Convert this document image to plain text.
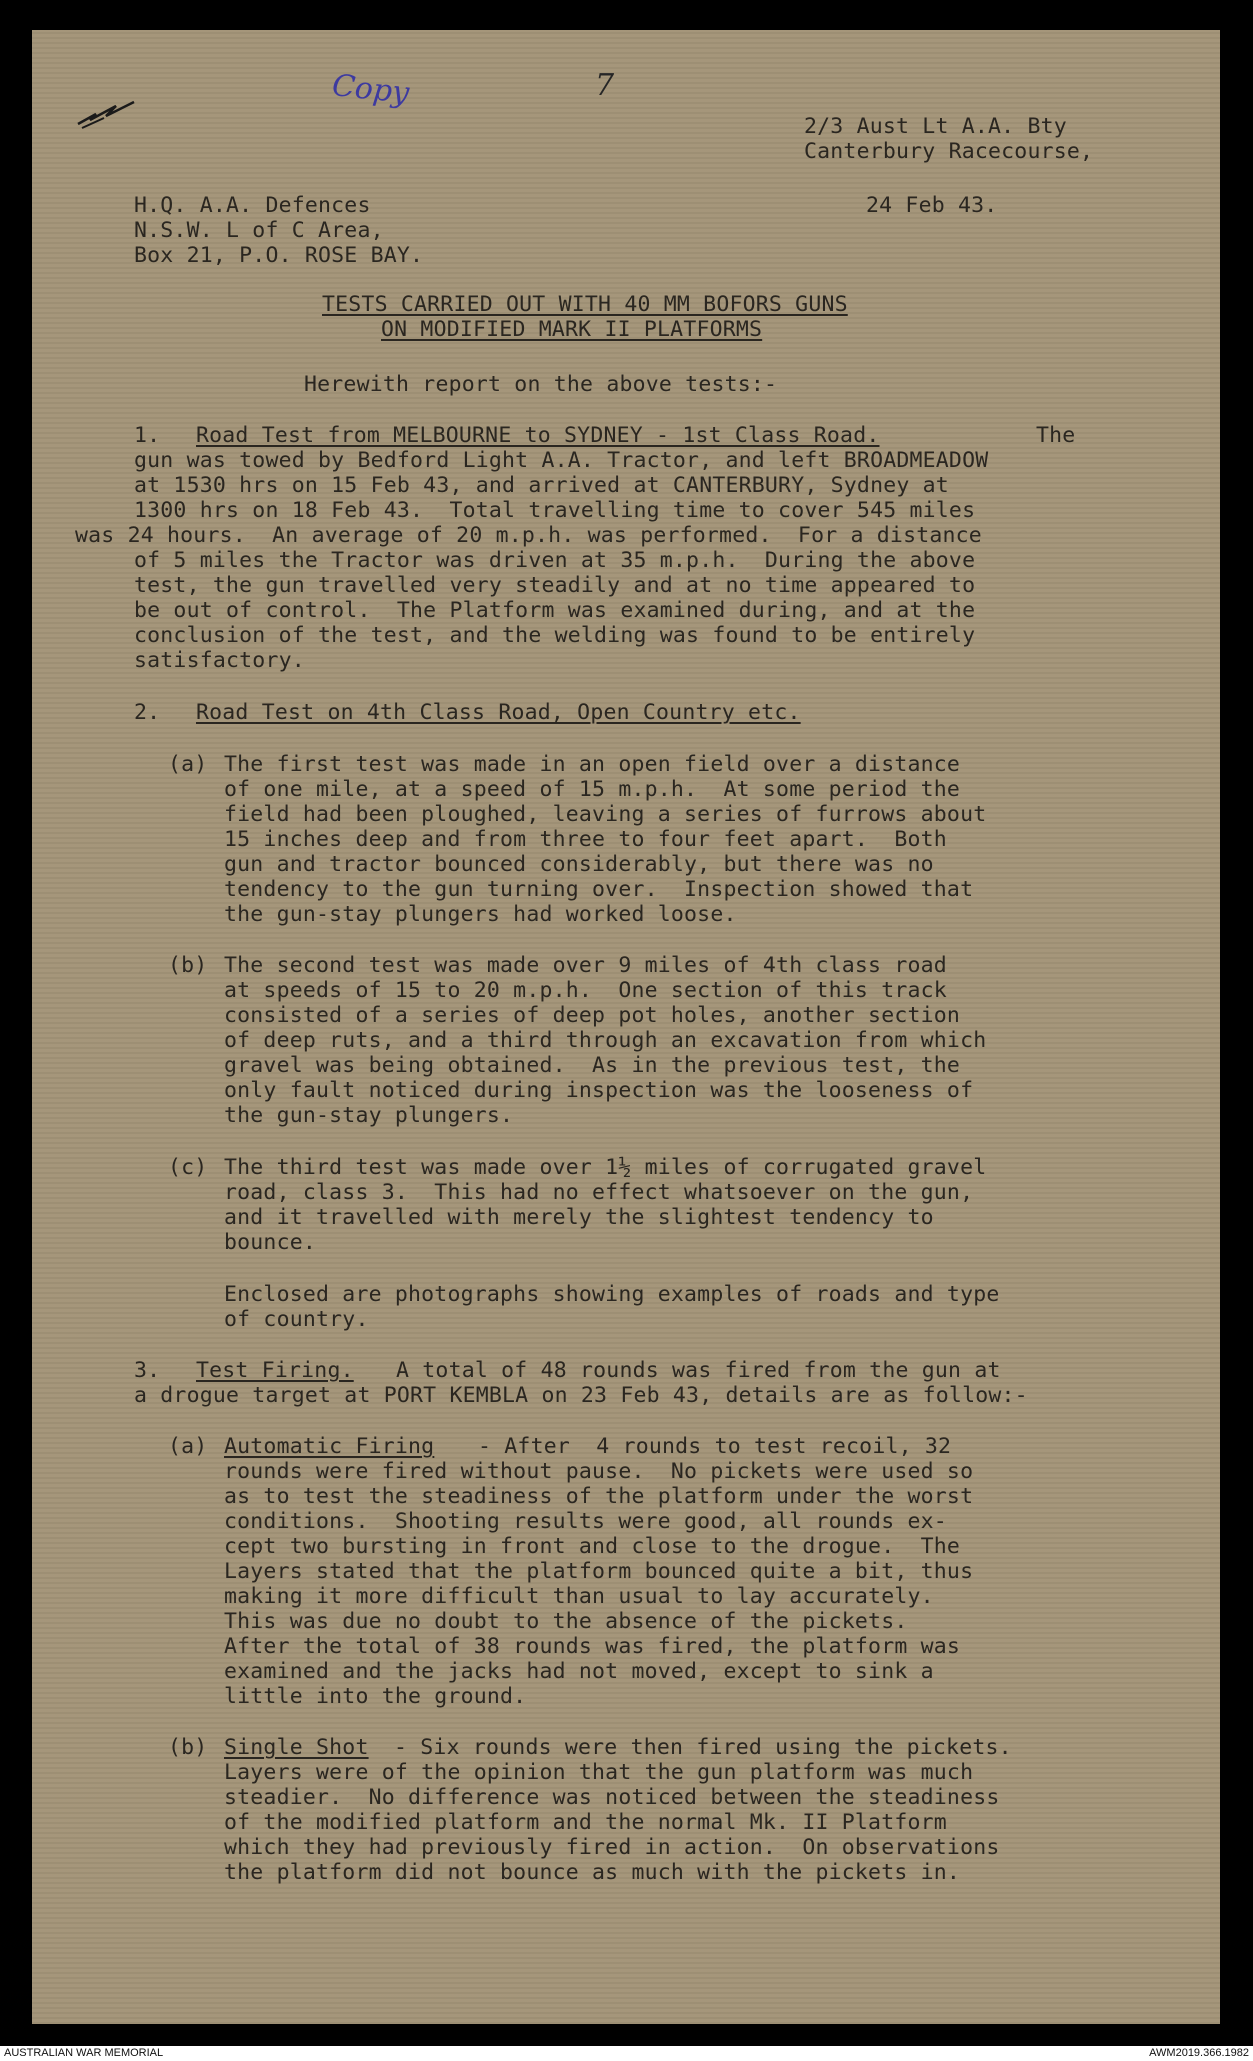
Copy	7
2/3 Aust Lt A.A. Bty
Canterbury Racecourse,
H.Q. A.A. Defences
N.S.W. L of C Area,
Box 21, P.O. ROSE BAY.
24 Feb 43.
TESTS CARRIED OUT WITH 40 MM BOFORS GUNS
ON MODIFIED MARK II PLATFORMS
Herewith report on the above tests:-
1. Road Test from MELBOURNE to SYDNEY - 1st Class Road.	The
gun was towed by Bedford Light A.A. Tractor, and left BROADMEADOW
at 1530 hrs on 15 Feb 43, and arrived at CANTERBURY, Sydney at
1300 hrs on 18 Feb 43.  Total travelling time to cover 545 miles
was 24 hours.  An average of 20 m.p.h. was performed.  For a distance
of 5 miles the Tractor was driven at 35 m.p.h.  During the above
test, the gun travelled very steadily and at no time appeared to
be out of control.  The Platform was examined during, and at the
conclusion of the test, and the welding was found to be entirely
satisfactory.
2. Road Test on 4th Class Road, Open Country etc.
(a) The first test was made in an open field over a distance
of one mile, at a speed of 15 m.p.h.  At some period the
field had been ploughed, leaving a series of furrows about
15 inches deep and from three to four feet apart.  Both
gun and tractor bounced considerably, but there was no
tendency to the gun turning over.  Inspection showed that
the gun-stay plungers had worked loose.
(b) The second test was made over 9 miles of 4th class road
at speeds of 15 to 20 m.p.h.  One section of this track
consisted of a series of deep pot holes, another section
of deep ruts, and a third through an excavation from which
gravel was being obtained.  As in the previous test, the
only fault noticed during inspection was the looseness of
the gun-stay plungers.
(c) The third test was made over 1½ miles of corrugated gravel
road, class 3.  This had no effect whatsoever on the gun,
and it travelled with merely the slightest tendency to
bounce.
Enclosed are photographs showing examples of roads and type
of country.
3. Test Firing. A total of 48 rounds was fired from the gun at
a drogue target at PORT KEMBLA on 23 Feb 43, details are as follow:-
(a) Automatic Firing - After  4 rounds to test recoil, 32
rounds were fired without pause.  No pickets were used so
as to test the steadiness of the platform under the worst
conditions.  Shooting results were good, all rounds ex-
cept two bursting in front and close to the drogue.  The
Layers stated that the platform bounced quite a bit, thus
making it more difficult than usual to lay accurately.
This was due no doubt to the absence of the pickets.
After the total of 38 rounds was fired, the platform was
examined and the jacks had not moved, except to sink a
little into the ground.
(b) Single Shot - Six rounds were then fired using the pickets.
Layers were of the opinion that the gun platform was much
steadier.  No difference was noticed between the steadiness
of the modified platform and the normal Mk. II Platform
which they had previously fired in action.  On observations
the platform did not bounce as much with the pickets in.
AUSTRALIAN WAR MEMORIAL	AWM2019.366.1982
